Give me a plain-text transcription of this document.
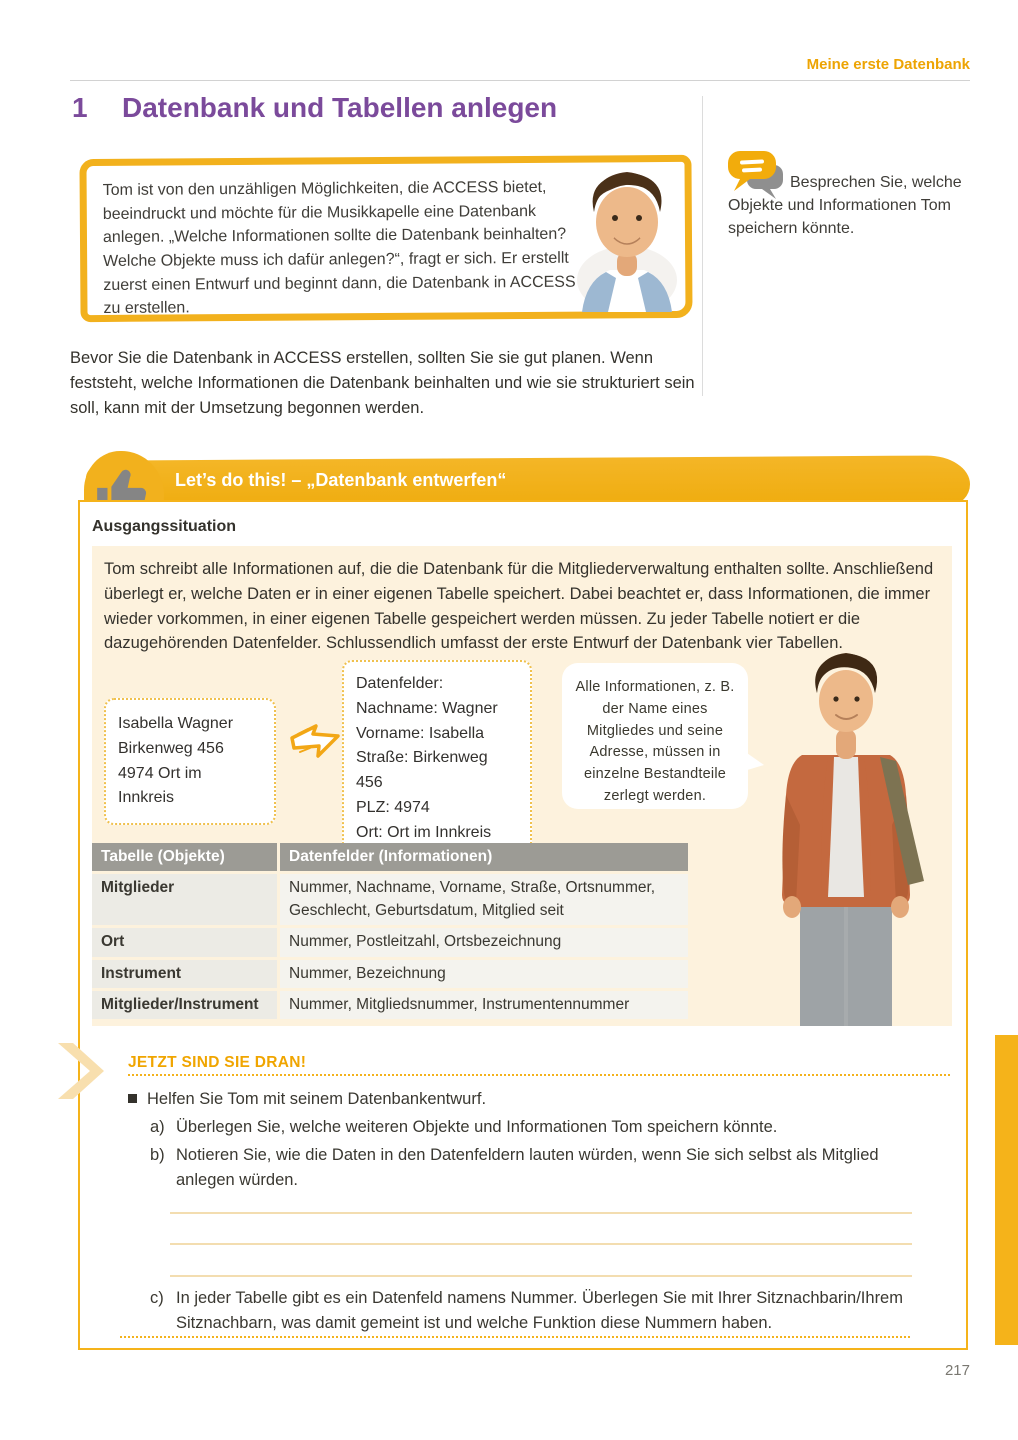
Meine erste Datenbank
1 Datenbank und Tabellen anlegen
Tom ist von den unzähligen Möglichkeiten, die ACCESS bietet, beeindruckt und möchte für die Musikkapelle eine Datenbank anlegen. „Welche Informationen sollte die Datenbank beinhalten? Welche Objekte muss ich dafür anlegen?“, fragt er sich. Er erstellt zuerst einen Entwurf und beginnt dann, die Datenbank in ACCESS zu erstellen.
Besprechen Sie, welche Objekte und Informationen Tom speichern könnte.

Bevor Sie die Datenbank in ACCESS erstellen, sollten Sie sie gut planen. Wenn feststeht, welche Informationen die Datenbank beinhalten und wie sie strukturiert sein soll, kann mit der Umsetzung begonnen werden.

Let’s do this! – „Datenbank entwerfen“
Ausgangssituation

Tom schreibt alle Informationen auf, die die Datenbank für die Mitgliederverwaltung enthalten sollte. Anschließend überlegt er, welche Daten er in einer eigenen Tabelle speichert. Dabei beachtet er, dass Informationen, die immer wieder vorkommen, in einer eigenen Tabelle gespeichert werden müssen. Zu jeder Tabelle notiert er die dazugehörenden Datenfelder. Schlussendlich umfasst der erste Entwurf der Datenbank vier Tabellen.

Isabella Wagner
Birkenweg 456
4974 Ort im Innkreis
Datenfelder:
Nachname: Wagner
Vorname: Isabella
Straße: Birkenweg 456
PLZ: 4974
Ort: Ort im Innkreis
Alle Informationen, z. B. der Name eines Mitgliedes und seine Adresse, müssen in einzelne Bestandteile zerlegt werden.
Tabelle (Objekte)	Datenfelder (Informationen)
Mitglieder	Nummer, Nachname, Vorname, Straße, Ortsnummer, Geschlecht, Geburtsdatum, Mitglied seit
Ort	Nummer, Postleitzahl, Ortsbezeichnung
Instrument	Nummer, Bezeichnung
Mitglieder/Instrument	Nummer, Mitgliedsnummer, Instrumentennummer
JETZT SIND SIE DRAN!
Helfen Sie Tom mit seinem Datenbankentwurf.
a) Überlegen Sie, welche weiteren Objekte und Informationen Tom speichern könnte.
b) Notieren Sie, wie die Daten in den Datenfeldern lauten würden, wenn Sie sich selbst als Mitglied anlegen würden.
c) In jeder Tabelle gibt es ein Datenfeld namens Nummer. Überlegen Sie mit Ihrer Sitznachbarin/Ihrem Sitznachbarn, was damit gemeint ist und welche Funktion diese Nummern haben.
217
